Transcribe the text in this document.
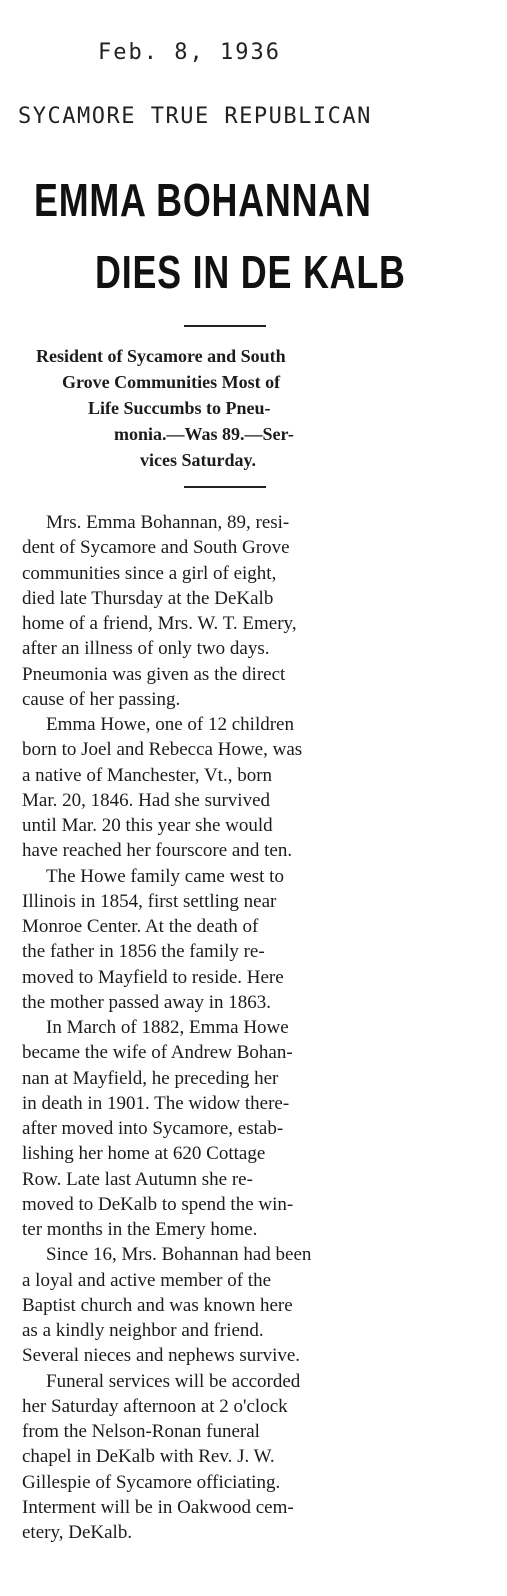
Feb. 8, 1936
SYCAMORE TRUE REPUBLICAN
EMMA BOHANNAN
DIES IN DE KALB
Resident of Sycamore and South
Grove Communities Most of
Life Succumbs to Pneu-
monia.—Was 89.—Ser-
vices Saturday.
Mrs. Emma Bohannan, 89, resi-
dent of Sycamore and South Grove
communities since a girl of eight,
died late Thursday at the DeKalb
home of a friend, Mrs. W. T. Emery,
after an illness of only two days.
Pneumonia was given as the direct
cause of her passing.
Emma Howe, one of 12 children
born to Joel and Rebecca Howe, was
a native of Manchester, Vt., born
Mar. 20, 1846. Had she survived
until Mar. 20 this year she would
have reached her fourscore and ten.
The Howe family came west to
Illinois in 1854, first settling near
Monroe Center. At the death of
the father in 1856 the family re-
moved to Mayfield to reside. Here
the mother passed away in 1863.
In March of 1882, Emma Howe
became the wife of Andrew Bohan-
nan at Mayfield, he preceding her
in death in 1901. The widow there-
after moved into Sycamore, estab-
lishing her home at 620 Cottage
Row. Late last Autumn she re-
moved to DeKalb to spend the win-
ter months in the Emery home.
Since 16, Mrs. Bohannan had been
a loyal and active member of the
Baptist church and was known here
as a kindly neighbor and friend.
Several nieces and nephews survive.
Funeral services will be accorded
her Saturday afternoon at 2 o'clock
from the Nelson-Ronan funeral
chapel in DeKalb with Rev. J. W.
Gillespie of Sycamore officiating.
Interment will be in Oakwood cem-
etery, DeKalb.
